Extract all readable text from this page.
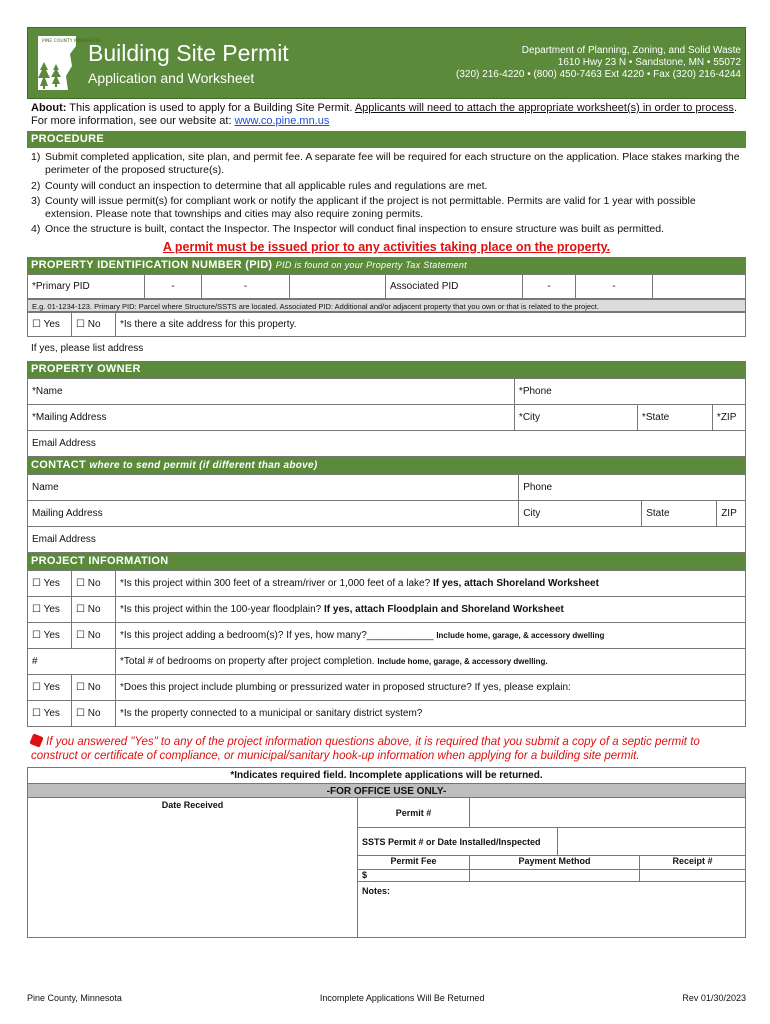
PINE COUNTY MINNESOTA
Building Site Permit
Application and Worksheet
Department of Planning, Zoning, and Solid Waste
1610 Hwy 23 N • Sandstone, MN • 55072
(320) 216-4220 • (800) 450-7463 Ext 4220 • Fax (320) 216-4244
About: This application is used to apply for a Building Site Permit. Applicants will need to attach the appropriate worksheet(s) in order to process. For more information, see our website at: www.co.pine.mn.us
PROCEDURE
1) Submit completed application, site plan, and permit fee. A separate fee will be required for each structure on the application. Place stakes marking the perimeter of the proposed structure(s).
2) County will conduct an inspection to determine that all applicable rules and regulations are met.
3) County will issue permit(s) for compliant work or notify the applicant if the project is not permittable. Permits are valid for 1 year with possible extension. Please note that townships and cities may also require zoning permits.
4) Once the structure is built, contact the Inspector. The Inspector will conduct final inspection to ensure structure was built as permitted.
A permit must be issued prior to any activities taking place on the property.
PROPERTY IDENTIFICATION NUMBER (PID) PID is found on your Property Tax Statement
*Primary PID	-	-		Associated PID	-	-	
E.g. 01-1234-123. Primary PID: Parcel where Structure/SSTS are located. Associated PID: Additional and/or adjacent property that you own or that is related to the project.
☐ Yes	☐ No	*Is there a site address for this property.
If yes, please list address
PROPERTY OWNER
*Name	*Phone		
*Mailing Address	*City	*State	*ZIP
Email Address			
CONTACT where to send permit (if different than above)
Name	Phone		
Mailing Address	City	State	ZIP
Email Address			
PROJECT INFORMATION
☐ Yes	☐ No	*Is this project within 300 feet of a stream/river or 1,000 feet of a lake? If yes, attach Shoreland Worksheet
☐ Yes	☐ No	*Is this project within the 100-year floodplain? If yes, attach Floodplain and Shoreland Worksheet
☐ Yes	☐ No	*Is this project adding a bedroom(s)? If yes, how many?____________ Include home, garage, & accessory dwelling
#		*Total # of bedrooms on property after project completion. Include home, garage, & accessory dwelling.
☐ Yes	☐ No	*Does this project include plumbing or pressurized water in proposed structure? If yes, please explain:
☐ Yes	☐ No	*Is the property connected to a municipal or sanitary district system?
If you answered "Yes" to any of the project information questions above, it is required that you submit a copy of a septic permit to construct or certificate of compliance, or municipal/sanitary hook-up information when applying for a building site permit.
*Indicates required field. Incomplete applications will be returned.
-FOR OFFICE USE ONLY-
Date Received
Permit #
SSTS Permit # or Date Installed/Inspected
Permit Fee	Payment Method	Receipt #
$
Notes:
Pine County, Minnesota	Incomplete Applications Will Be Returned	Rev 01/30/2023
